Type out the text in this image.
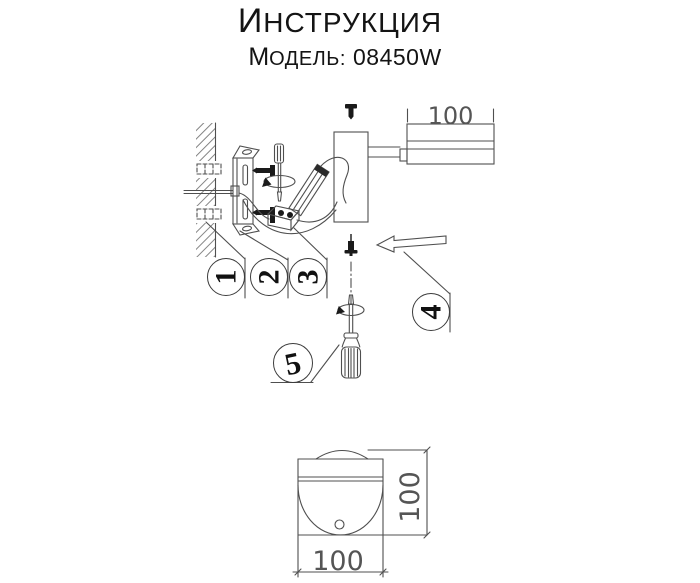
ИНСТРУКЦИЯ
МОДЕЛЬ: 08450W
100
100
100
1 2 3
4
5
